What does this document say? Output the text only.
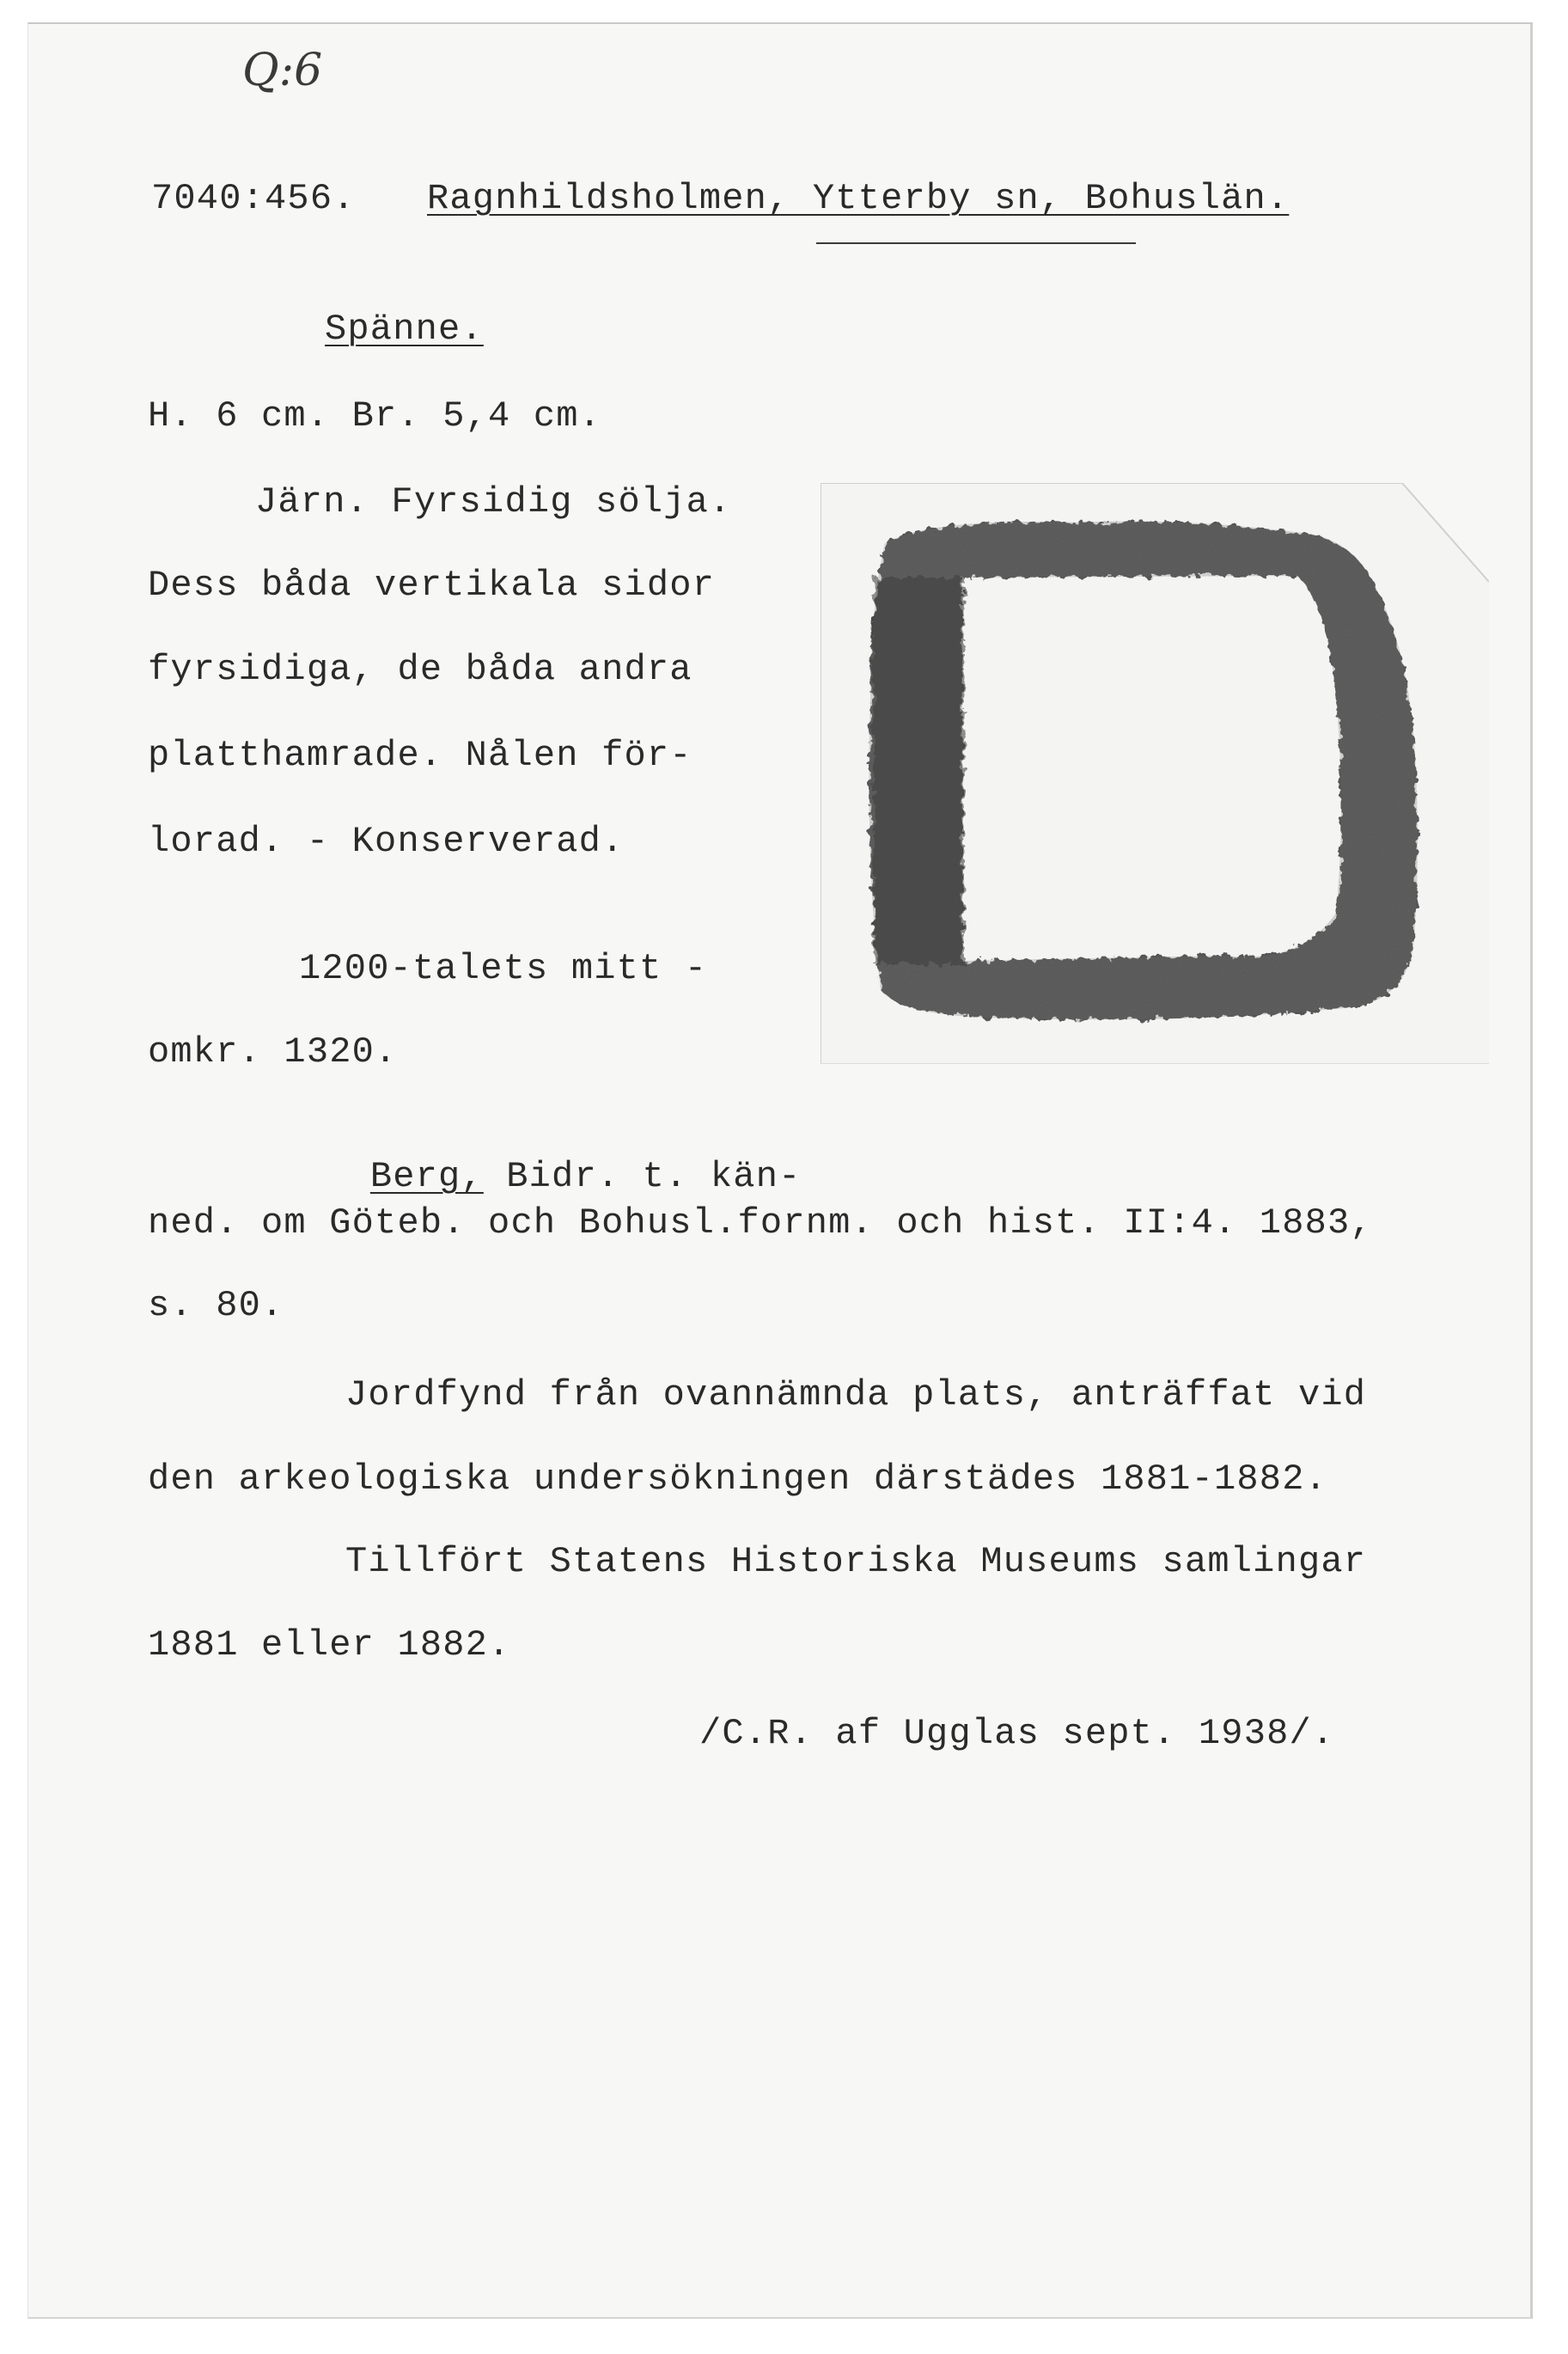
Q:6
7040:456. Ragnhildsholmen, Ytterby sn, Bohuslän.
Spänne.
H. 6 cm. Br. 5,4 cm.
Järn. Fyrsidig sölja.
Dess båda vertikala sidor
fyrsidiga, de båda andra
platthamrade. Nålen för-
lorad. - Konserverad.
1200-talets mitt -
omkr. 1320.

Berg, Bidr. t. kän-

ned. om Göteb. och Bohusl.fornm. och hist. II:4. 1883,
s. 80.
Jordfynd från ovannämnda plats, anträffat vid
den arkeologiska undersökningen därstädes 1881-1882.
Tillfört Statens Historiska Museums samlingar
1881 eller 1882.
/C.R. af Ugglas sept. 1938/.
